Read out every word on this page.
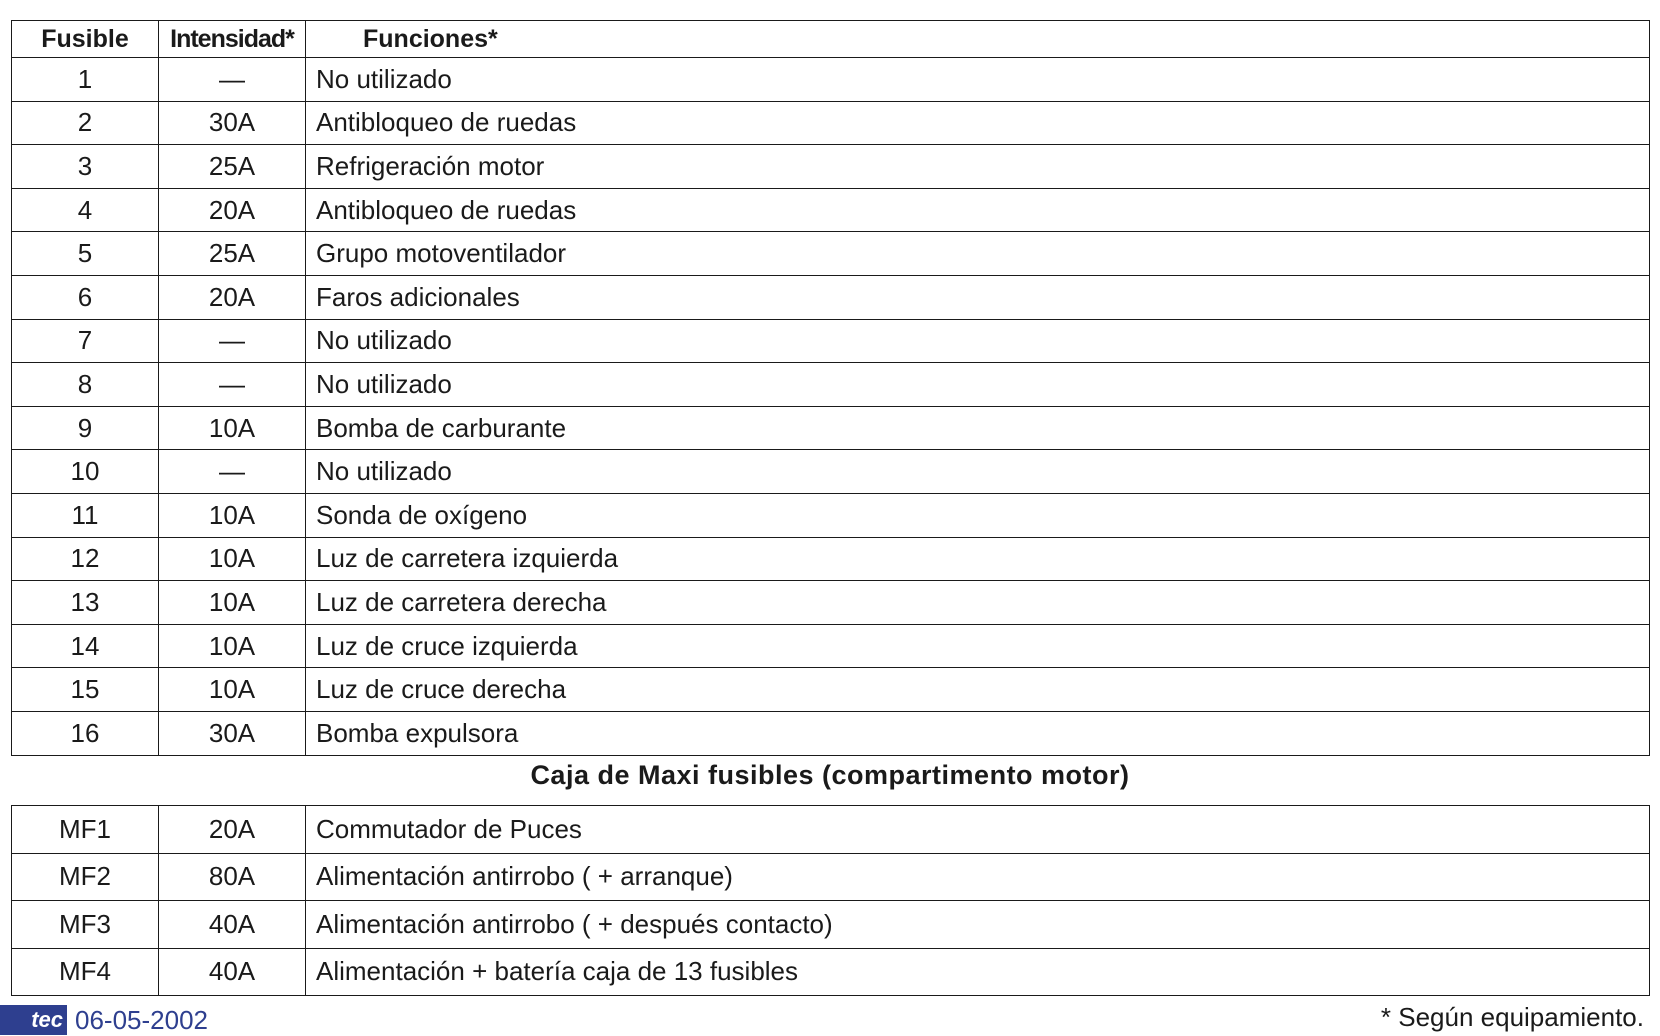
Fusible	Intensidad*	Funciones*
1	—	No utilizado
2	30A	Antibloqueo de ruedas
3	25A	Refrigeración motor
4	20A	Antibloqueo de ruedas
5	25A	Grupo motoventilador
6	20A	Faros adicionales
7	—	No utilizado
8	—	No utilizado
9	10A	Bomba de carburante
10	—	No utilizado
11	10A	Sonda de oxígeno
12	10A	Luz de carretera izquierda
13	10A	Luz de carretera derecha
14	10A	Luz de cruce izquierda
15	10A	Luz de cruce derecha
16	30A	Bomba expulsora
Caja de Maxi fusibles (compartimento motor)
MF1	20A	Commutador de Puces
MF2	80A	Alimentación antirrobo ( + arranque)
MF3	40A	Alimentación antirrobo ( + después contacto)
MF4	40A	Alimentación + batería caja de 13 fusibles
tec 06-05-2002	* Según equipamiento.
